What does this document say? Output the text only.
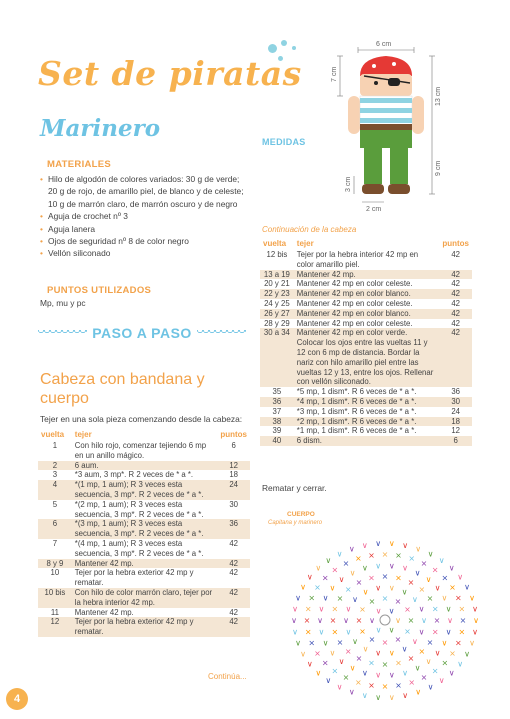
Set de piratas
Marinero
MATERIALES
• Hilo de algodón de colores variados: 30 g de verde; 20 g de rojo, de amarillo piel, de blanco y de celeste; 10 g de marrón claro, de marrón oscuro y de negro
• Aguja de crochet nº 3
• Aguja lanera
• Ojos de seguridad nº 8 de color negro
• Vellón siliconado
PUNTOS UTILIZADOS
Mp, mu y pc
PASO A PASO
Cabeza con bandana y cuerpo
Tejer en una sola pieza comenzando desde la cabeza:
vuelta	tejer	puntos
1	Con hilo rojo, comenzar tejiendo 6 mp en un anillo mágico.	6
2	6 aum.	12
3	*3 aum, 3 mp*. R 2 veces de * a *.	18
4	*(1 mp, 1 aum); R 3 veces esta secuencia, 3 mp*. R 2 veces de * a *.	24
5	*(2 mp, 1 aum); R 3 veces esta secuencia, 3 mp*. R 2 veces de * a *.	30
6	*(3 mp, 1 aum); R 3 veces esta secuencia, 3 mp*. R 2 veces de * a *.	36
7	*(4 mp, 1 aum); R 3 veces esta secuencia, 3 mp*. R 2 veces de * a *.	42
8 y 9	Mantener 42 mp.	42
10	Tejer por la hebra exterior 42 mp y rematar.	42
10 bis	Con hilo de color marrón claro, tejer por la hebra interior 42 mp.	42
11	Mantener 42 mp.	42
12	Tejer por la hebra exterior 42 mp y rematar.	42
Continúa...
MEDIDAS
6 cm
13 cm
9 cm
7 cm
3 cm
2 cm
Continuación de la cabeza
vuelta	tejer	puntos
12 bis	Tejer por la hebra interior 42 mp en color amarillo piel.	42
13 a 19	Mantener 42 mp.	42
20 y 21	Mantener 42 mp en color celeste.	42
22 y 23	Mantener 42 mp en color blanco.	42
24 y 25	Mantener 42 mp en color celeste.	42
26 y 27	Mantener 42 mp en color blanco.	42
28 y 29	Mantener 42 mp en color celeste.	42
30 a 34	Mantener 42 mp en color verde. Colocar los ojos entre las vueltas 11 y 12 con 6 mp de distancia. Bordar la nariz con hilo amarillo piel entre las vueltas 12 y 13, entre los ojos. Rellenar con vellón siliconado.	42
35	*5 mp, 1 dism*. R 6 veces de * a *.	36
36	*4 mp, 1 dism*. R 6 veces de * a *.	30
37	*3 mp, 1 dism*. R 6 veces de * a *.	24
38	*2 mp, 1 dism*. R 6 veces de * a *.	18
39	*1 mp, 1 dism*. R 6 veces de * a *.	12
40	6 dism.	6
Rematar y cerrar.
CUERPO
Capitana y marinero
∨
∨
∨
∨
∨ ∨
×
×
×
×
×
×
×
×
× × ×
×
∨
∨
∨
∨
∨
∨
∨
∨
∨
∨
∨
∨
∨ ∨ ∨ ∨
∨
∨
×
×
×
×
×
×
×
×
×
×
×
×
×
×
×
×
× × × × ×
×
×
×
∨
∨
∨
∨
∨
∨
∨
∨
∨
∨
∨
∨
∨
∨
∨
∨
∨
∨
∨
∨
∨
∨ ∨ ∨ ∨
∨
∨
∨
∨
∨
×
×
×
×
×
×
×
×
×
×
×
×
×
×
×
×
×
×
×
×
×
×
×
×
×
× × × × ×
×
×
×
×
×
×
∨
∨
∨
∨
∨
∨
∨
∨
∨
∨
∨
∨
∨
∨
∨
∨
∨
∨
∨
∨
∨
∨
∨
∨
∨
∨
∨
∨
∨
∨ ∨ ∨ ∨ ∨ ∨
∨
∨
∨
∨
∨
∨
∨
4
